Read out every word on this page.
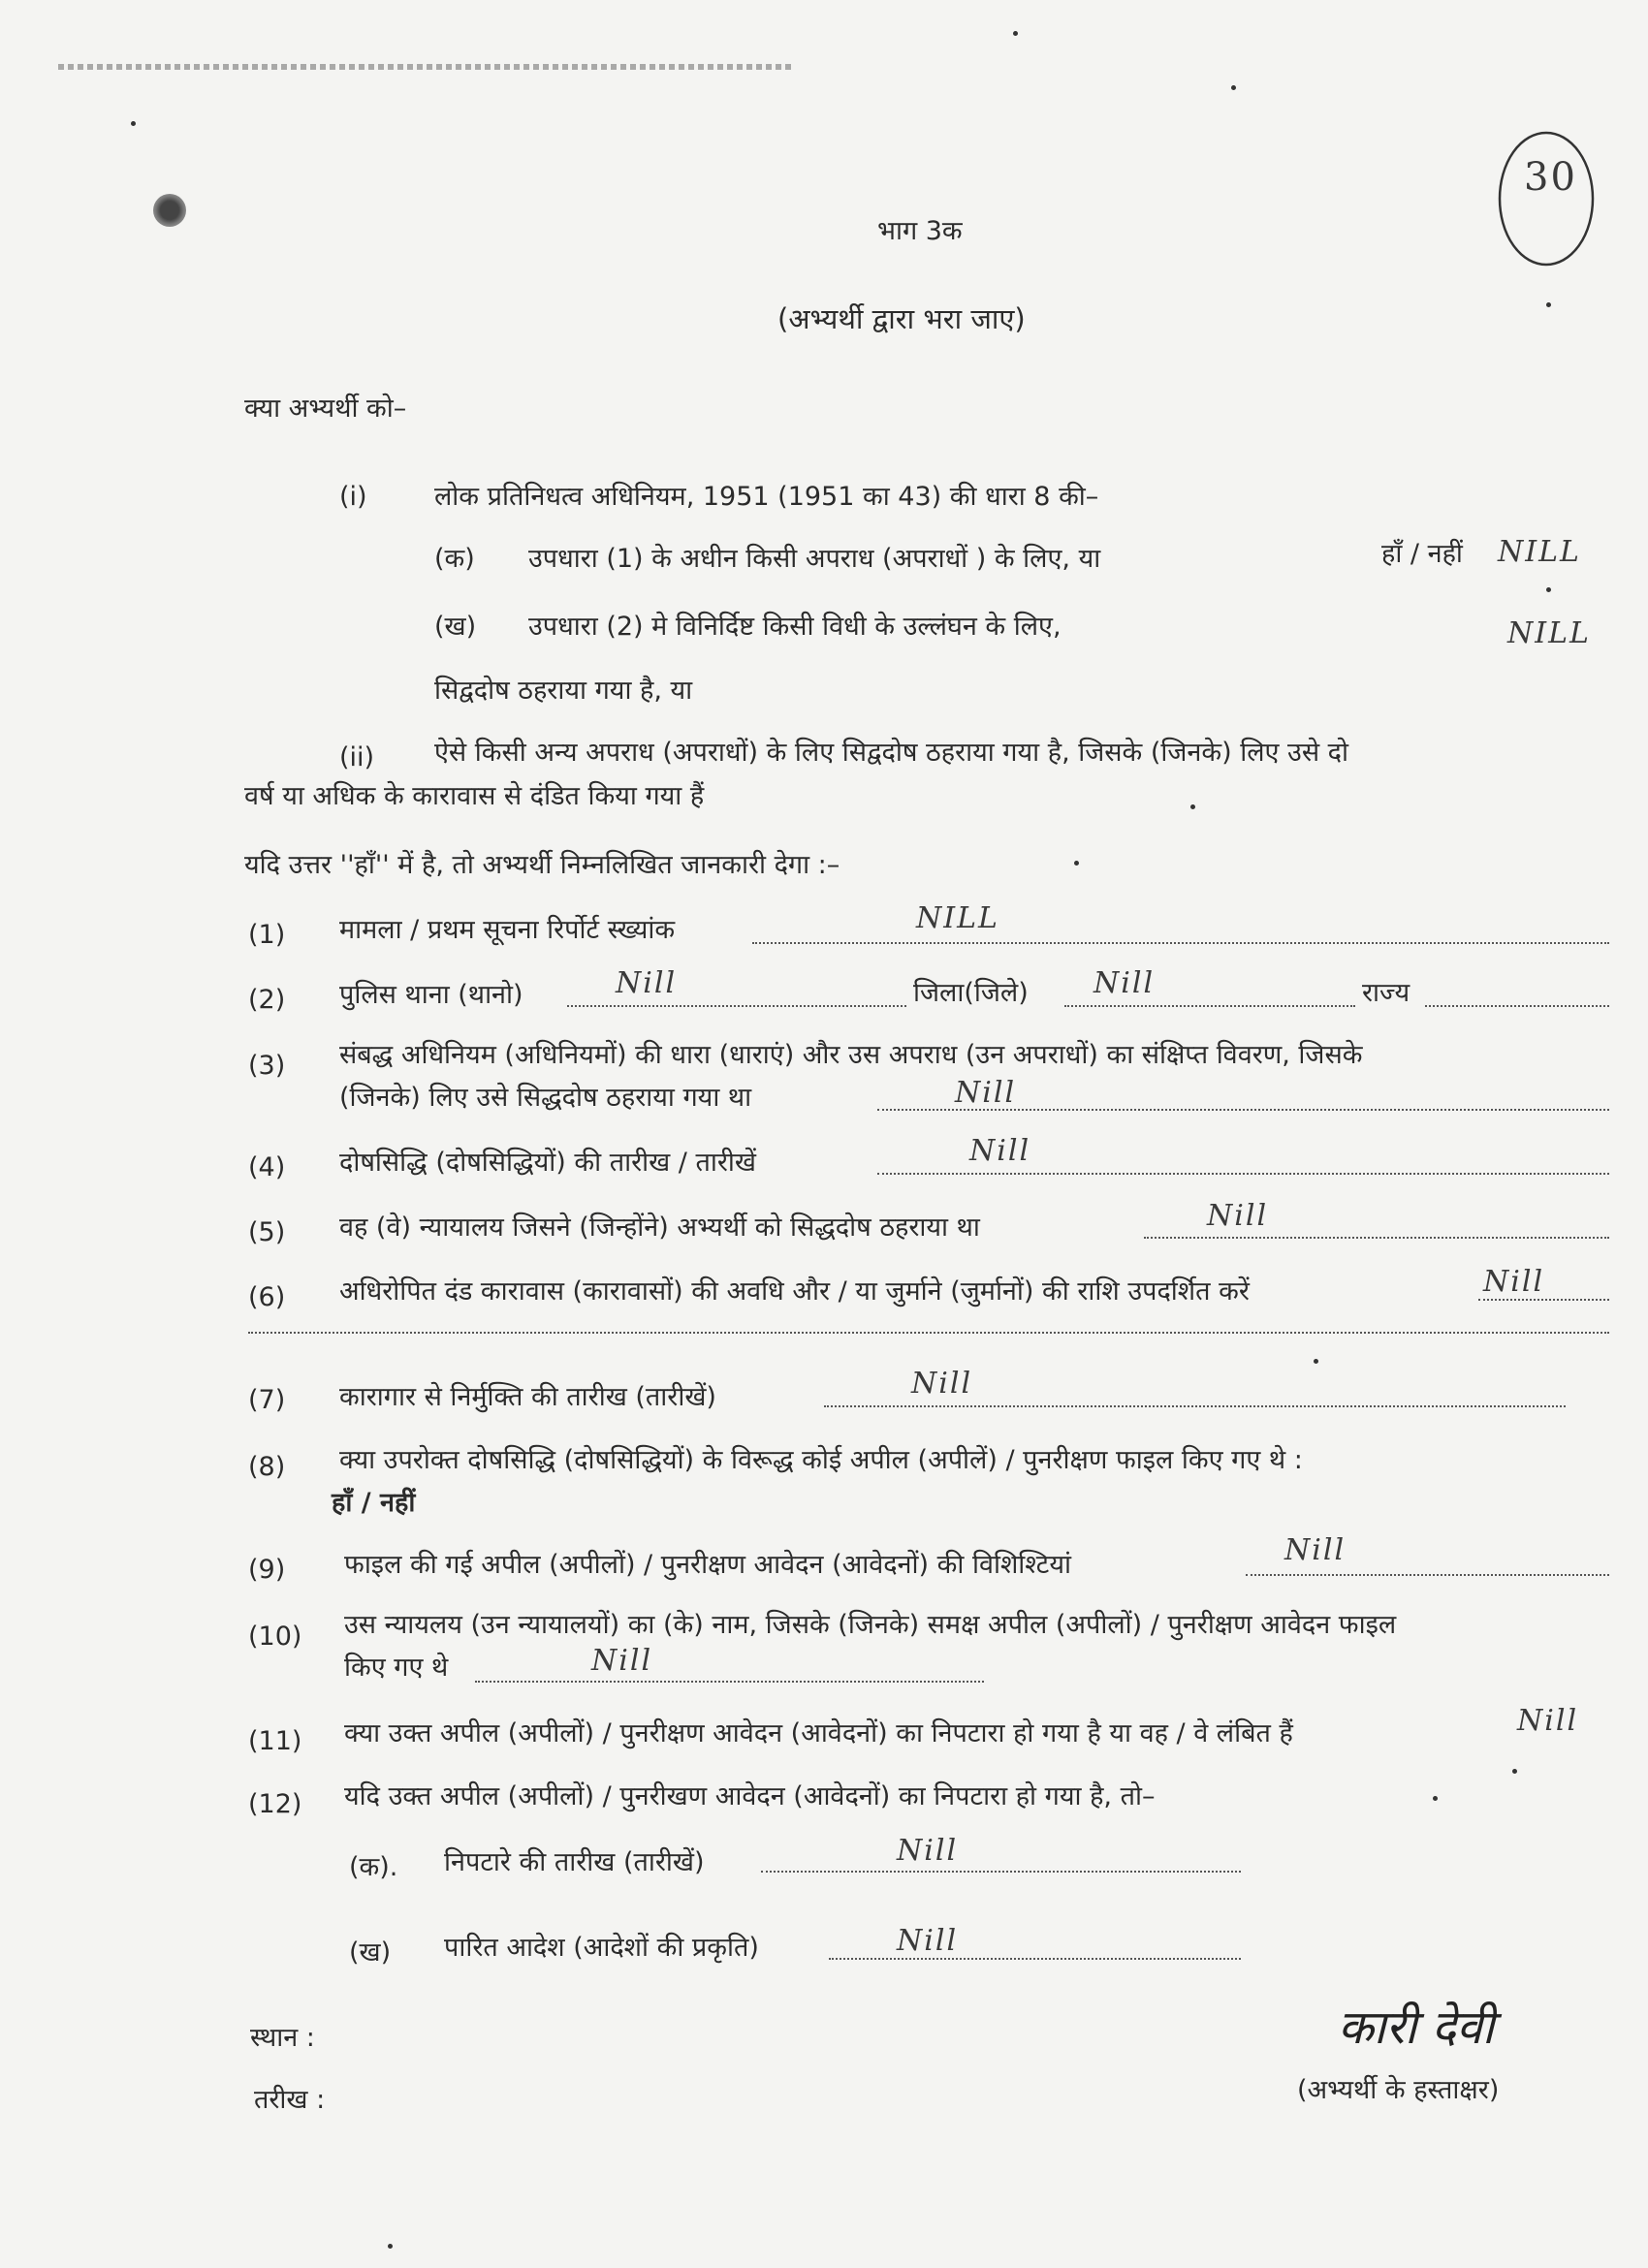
30
भाग 3क
(अभ्यर्थी द्वारा भरा जाए)
क्या अभ्यर्थी को–
(i)	लोक प्रतिनिधत्व अधिनियम, 1951 (1951 का 43) की धारा 8 की–
(क) उपधारा (1) के अधीन किसी अपराध (अपराधों ) के लिए, या	हाँ / नहीं NILL
(ख) उपधारा (2) मे विनिर्दिष्ट किसी विधी के उल्लंघन के लिए,	NILL
सिद्वदोष ठहराया गया है, या
(ii) ऐसे किसी अन्य अपराध (अपराधों) के लिए सिद्वदोष ठहराया गया है, जिसके (जिनके) लिए उसे दो
वर्ष या अधिक के कारावास से दंडित किया गया हैं
यदि उत्तर ''हाँ'' में है, तो अभ्यर्थी निम्नलिखित जानकारी देगा :–
(1) मामला / प्रथम सूचना रिर्पोर्ट स्ख्यांक	NILL
(2) पुलिस थाना (थानो)	Nill	जिला(जिले) Nill	राज्य
(3) संबद्ध अधिनियम (अधिनियमों) की धारा (धाराएं) और उस अपराध (उन अपराधों) का संक्षिप्त विवरण, जिसके
(जिनके) लिए उसे सिद्धदोष ठहराया गया था	Nill
(4) दोषसिद्धि (दोषसिद्धियों) की तारीख / तारीखें	Nill
(5) वह (वे) न्यायालय जिसने (जिन्होंने) अभ्यर्थी को सिद्धदोष ठहराया था	Nill
(6) अधिरोपित दंड कारावास (कारावासों) की अवधि और / या जुर्माने (जुर्मानों) की राशि उपदर्शित करें	Nill
(7) कारागार से निर्मुक्ति की तारीख (तारीखें)	Nill
(8) क्या उपरोक्त दोषसिद्धि (दोषसिद्धियों) के विरूद्ध कोई अपील (अपीलें) / पुनरीक्षण फाइल किए गए थे :
हाँ / नहीं
(9) फाइल की गई अपील (अपीलों) / पुनरीक्षण आवेदन (आवेदनों) की विशिश्टियां	Nill
(10) उस न्यायलय (उन न्यायालयों) का (के) नाम, जिसके (जिनके) समक्ष अपील (अपीलों) / पुनरीक्षण आवेदन फाइल
किए गए थे	Nill
(11) क्या उक्त अपील (अपीलों) / पुनरीक्षण आवेदन (आवेदनों) का निपटारा हो गया है या वह / वे लंबित हैं	Nill
(12) यदि उक्त अपील (अपीलों) / पुनरीखण आवेदन (आवेदनों) का निपटारा हो गया है, तो–
(क). निपटारे की तारीख (तारीखें)	Nill
(ख) पारित आदेश (आदेशों की प्रकृति)	Nill
स्थान :
तरीख :
कारी देवी
(अभ्यर्थी के हस्ताक्षर)
